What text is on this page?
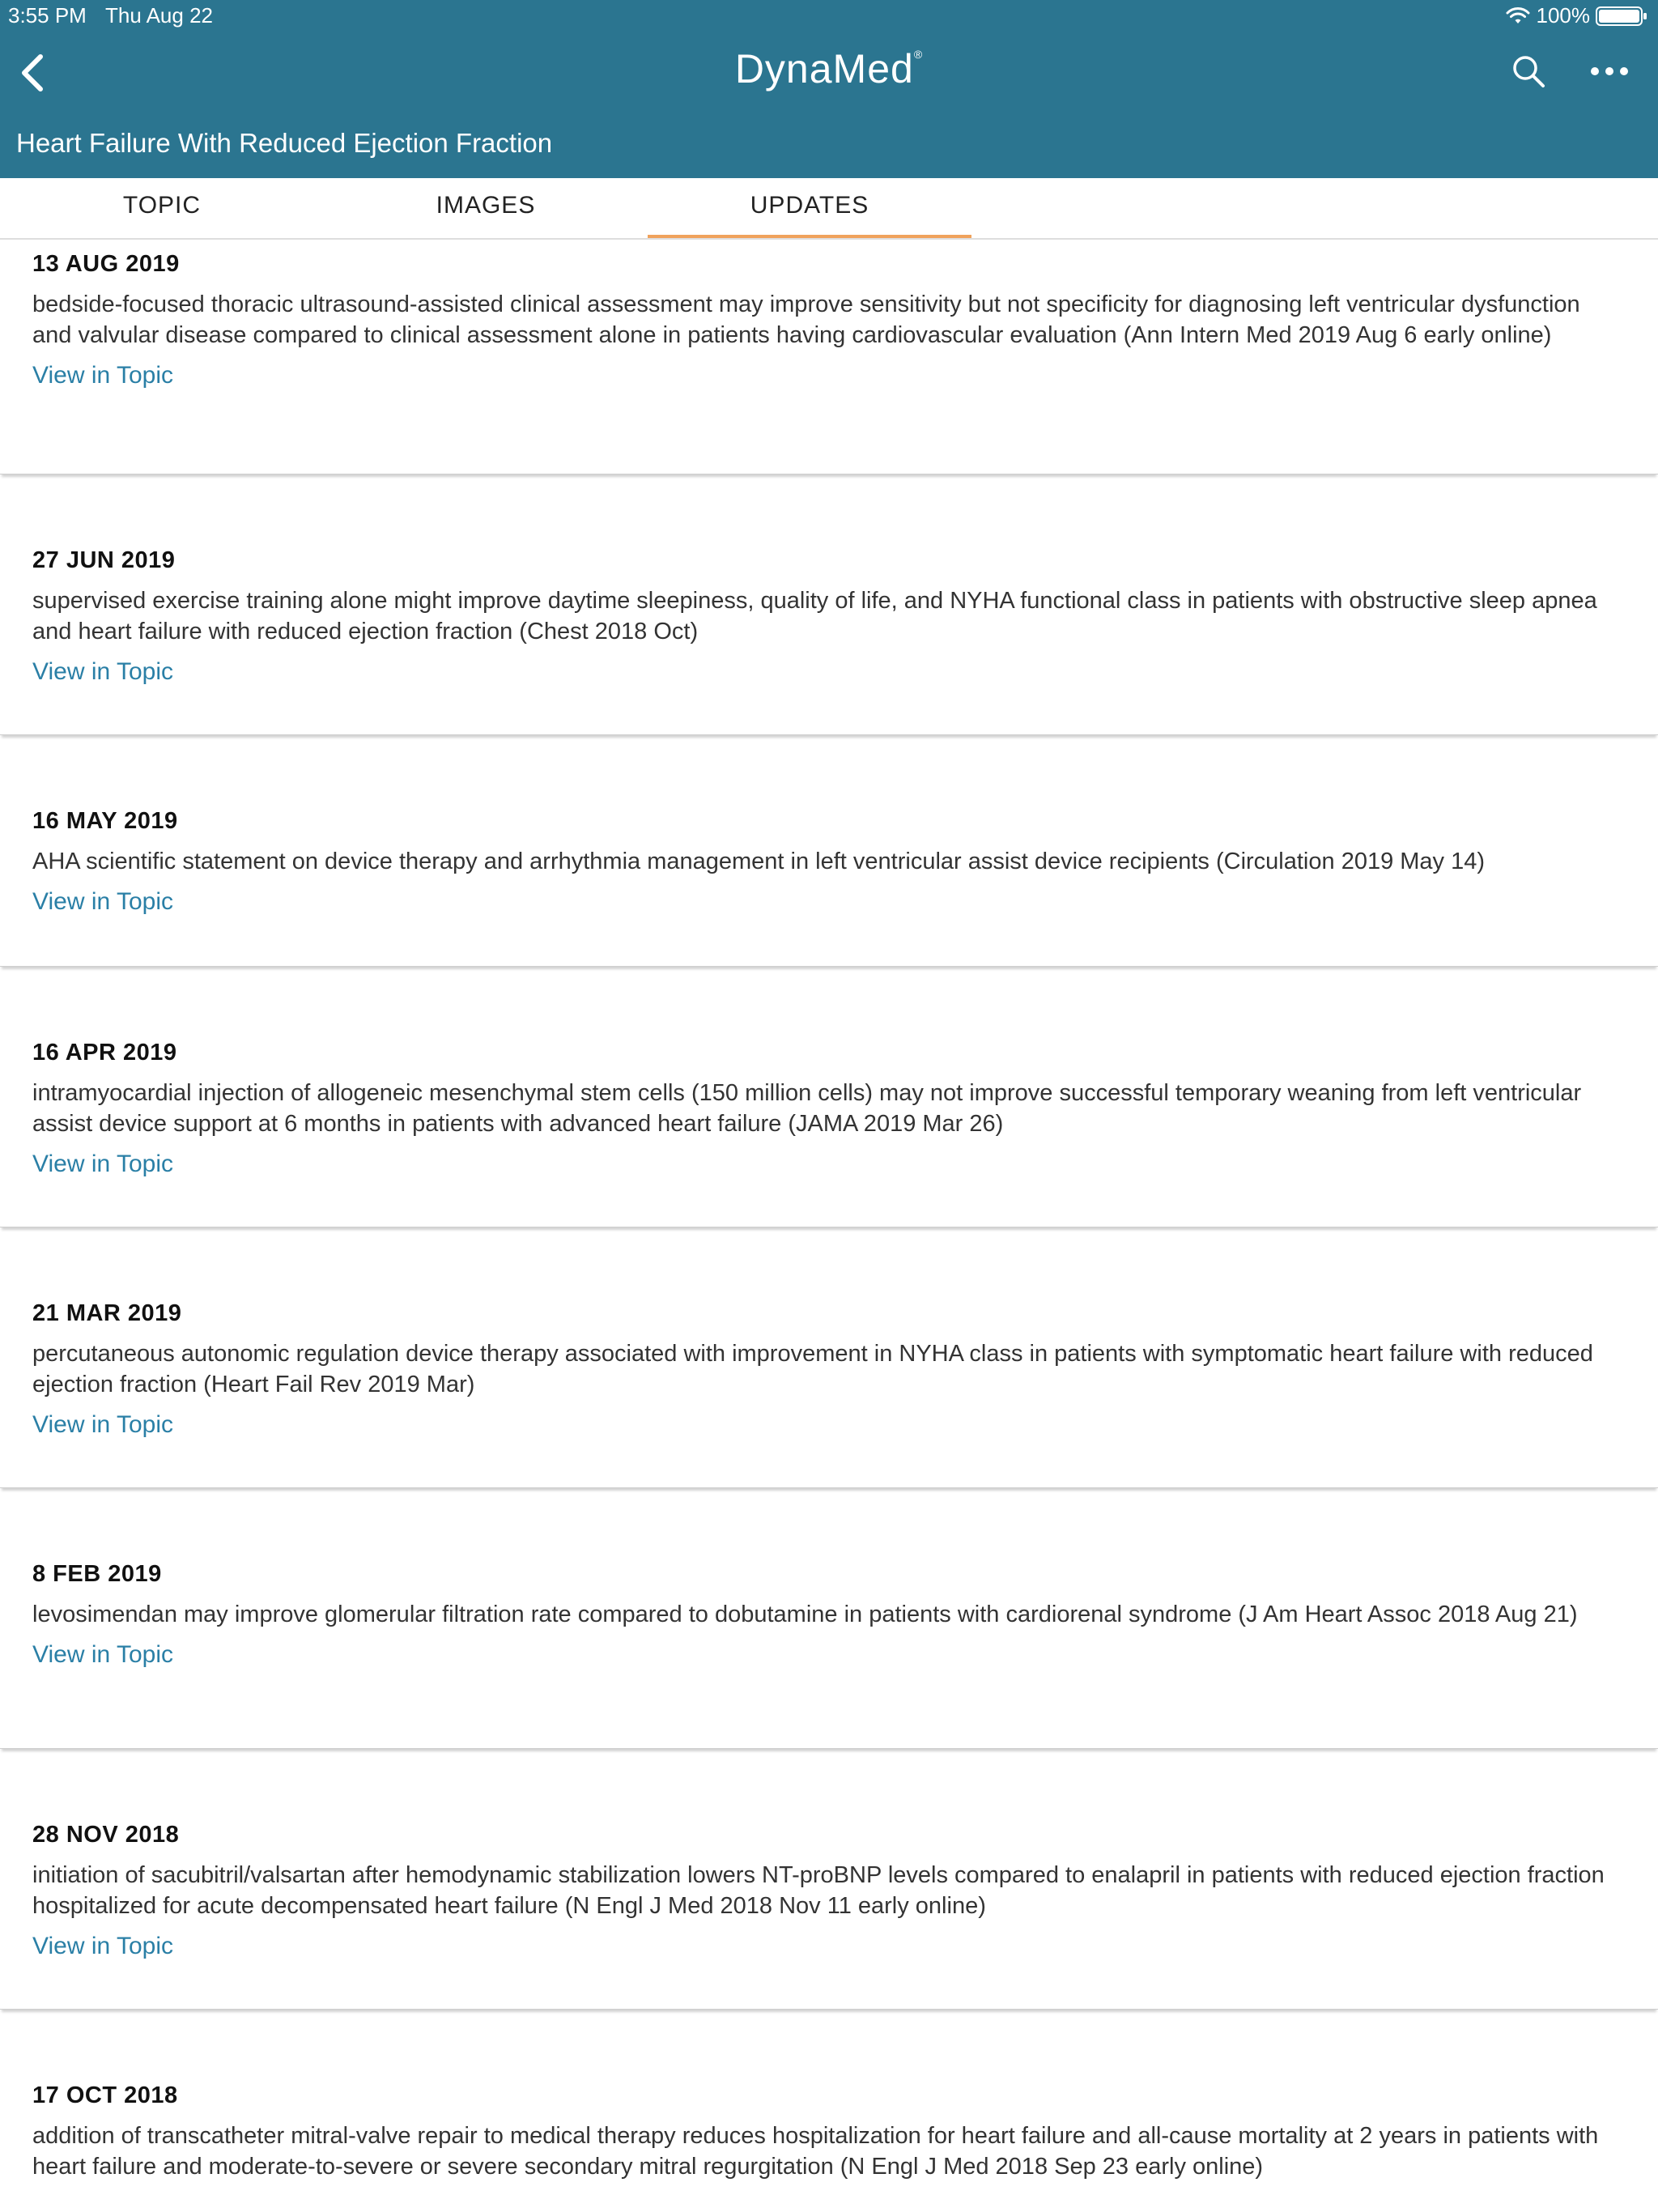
3:55 PM Thu Aug 22	100%
DynaMed®
Heart Failure With Reduced Ejection Fraction
TOPIC	IMAGES	UPDATES
13 AUG 2019
bedside-focused thoracic ultrasound-assisted clinical assessment may improve sensitivity but not specificity for diagnosing left ventricular dysfunction and valvular disease compared to clinical assessment alone in patients having cardiovascular evaluation (Ann Intern Med 2019 Aug 6 early online)
View in Topic
27 JUN 2019
supervised exercise training alone might improve daytime sleepiness, quality of life, and NYHA functional class in patients with obstructive sleep apnea and heart failure with reduced ejection fraction (Chest 2018 Oct)
View in Topic
16 MAY 2019
AHA scientific statement on device therapy and arrhythmia management in left ventricular assist device recipients (Circulation 2019 May 14)
View in Topic
16 APR 2019
intramyocardial injection of allogeneic mesenchymal stem cells (150 million cells) may not improve successful temporary weaning from left ventricular assist device support at 6 months in patients with advanced heart failure (JAMA 2019 Mar 26)
View in Topic
21 MAR 2019
percutaneous autonomic regulation device therapy associated with improvement in NYHA class in patients with symptomatic heart failure with reduced ejection fraction (Heart Fail Rev 2019 Mar)
View in Topic
8 FEB 2019
levosimendan may improve glomerular filtration rate compared to dobutamine in patients with cardiorenal syndrome (J Am Heart Assoc 2018 Aug 21)
View in Topic
28 NOV 2018
initiation of sacubitril/valsartan after hemodynamic stabilization lowers NT-proBNP levels compared to enalapril in patients with reduced ejection fraction hospitalized for acute decompensated heart failure (N Engl J Med 2018 Nov 11 early online)
View in Topic
17 OCT 2018
addition of transcatheter mitral-valve repair to medical therapy reduces hospitalization for heart failure and all-cause mortality at 2 years in patients with heart failure and moderate-to-severe or severe secondary mitral regurgitation (N Engl J Med 2018 Sep 23 early online)
